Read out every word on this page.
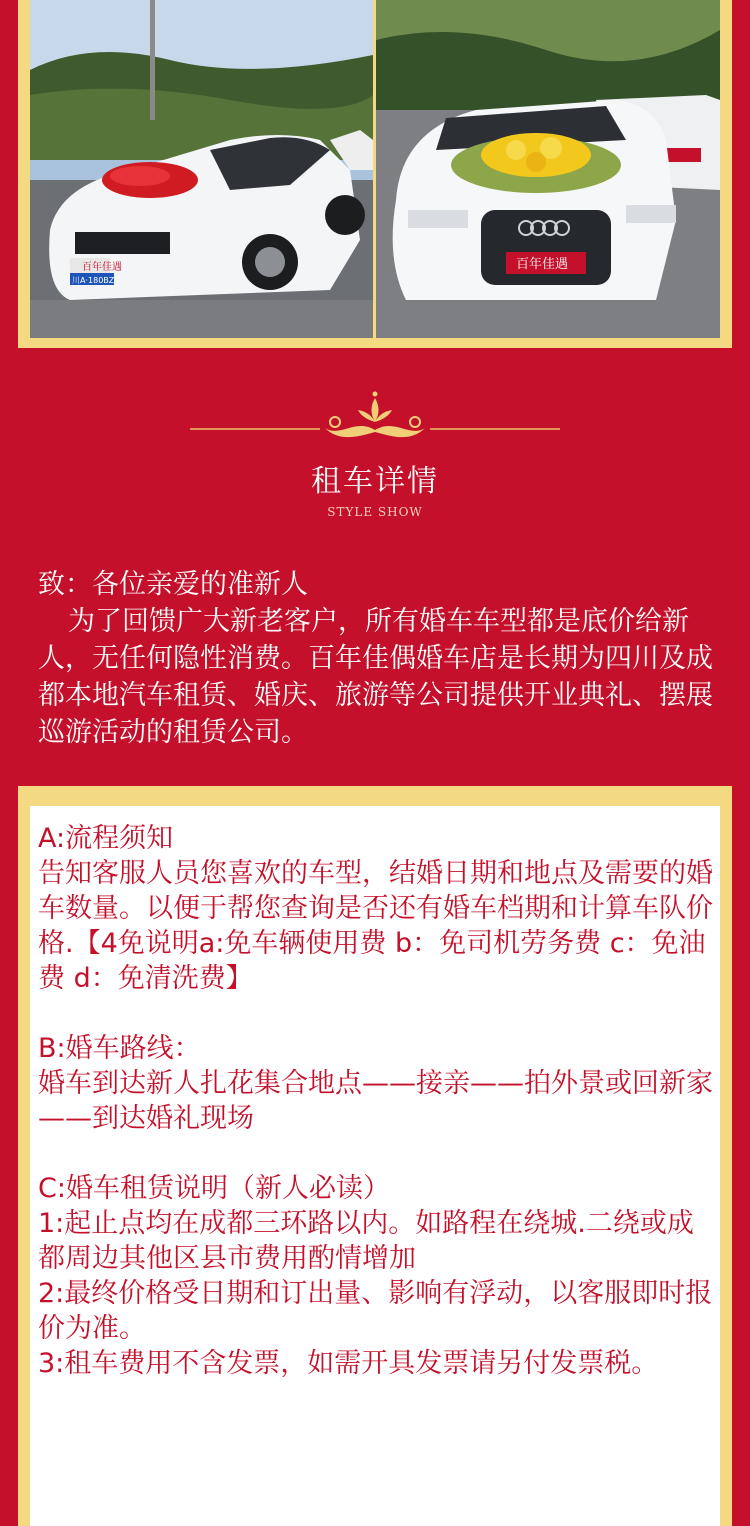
百年佳遇
川A·180BZ
百年佳遇
租车详情
STYLE SHOW

致：各位亲爱的准新人

为了回馈广大新老客户，所有婚车车型都是底价给新人，无任何隐性消费。百年佳偶婚车店是长期为四川及成都本地汽车租赁、婚庆、旅游等公司提供开业典礼、摆展巡游活动的租赁公司。

A:流程须知

告知客服人员您喜欢的车型，结婚日期和地点及需要的婚车数量。以便于帮您查询是否还有婚车档期和计算车队价格.【4免说明a:免车辆使用费 b：免司机劳务费 c：免油费 d：免清洗费】

B:婚车路线：

婚车到达新人扎花集合地点——接亲——拍外景或回新家——到达婚礼现场

C:婚车租赁说明（新人必读）

1:起止点均在成都三环路以内。如路程在绕城.二绕或成都周边其他区县市费用酌情增加

2:最终价格受日期和订出量、影响有浮动，以客服即时报价为准。

3:租车费用不含发票，如需开具发票请另付发票税。
